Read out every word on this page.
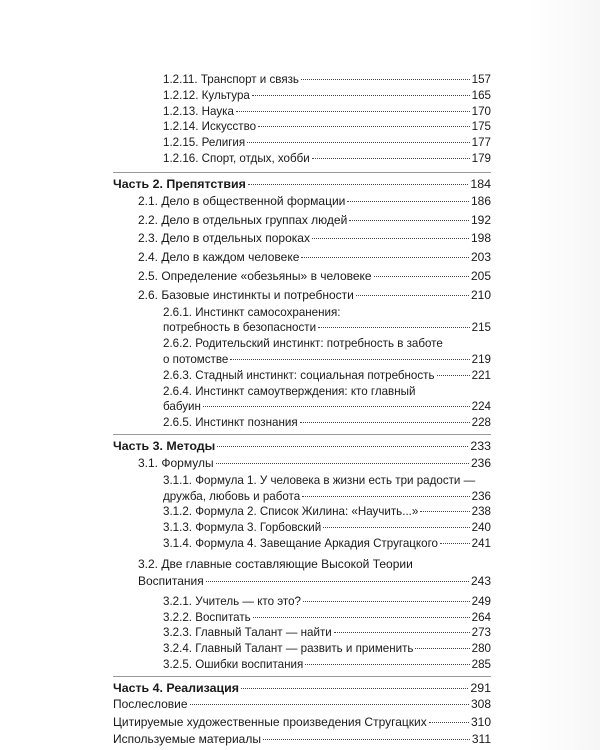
1.2.11. Транспорт и связь	157
1.2.12. Культура	165
1.2.13. Наука	170
1.2.14. Искусство	175
1.2.15. Религия	177
1.2.16. Спорт, отдых, хобби	179
Часть 2. Препятствия	184
2.1. Дело в общественной формации	186
2.2. Дело в отдельных группах людей	192
2.3. Дело в отдельных пороках	198
2.4. Дело в каждом человеке	203
2.5. Определение «обезьяны» в человеке	205
2.6. Базовые инстинкты и потребности	210
2.6.1. Инстинкт самосохранения:
потребность в безопасности	215
2.6.2. Родительский инстинкт: потребность в заботе
о потомстве	219
2.6.3. Стадный инстинкт: социальная потребность	221
2.6.4. Инстинкт самоутверждения: кто главный
бабуин	224
2.6.5. Инстинкт познания	228
Часть 3. Методы	233
3.1. Формулы	236
3.1.1. Формула 1. У человека в жизни есть три радости —
дружба, любовь и работа	236
3.1.2. Формула 2. Список Жилина: «Научить...»	238
3.1.3. Формула 3. Горбовский	240
3.1.4. Формула 4. Завещание Аркадия Стругацкого	241
3.2. Две главные составляющие Высокой Теории
Воспитания	243
3.2.1. Учитель — кто это?	249
3.2.2. Воспитать	264
3.2.3. Главный Талант — найти	273
3.2.4. Главный Талант — развить и применить	280
3.2.5. Ошибки воспитания	285
Часть 4. Реализация	291
Послесловие	308
Цитируемые художественные произведения Стругацких	310
Используемые материалы	311
